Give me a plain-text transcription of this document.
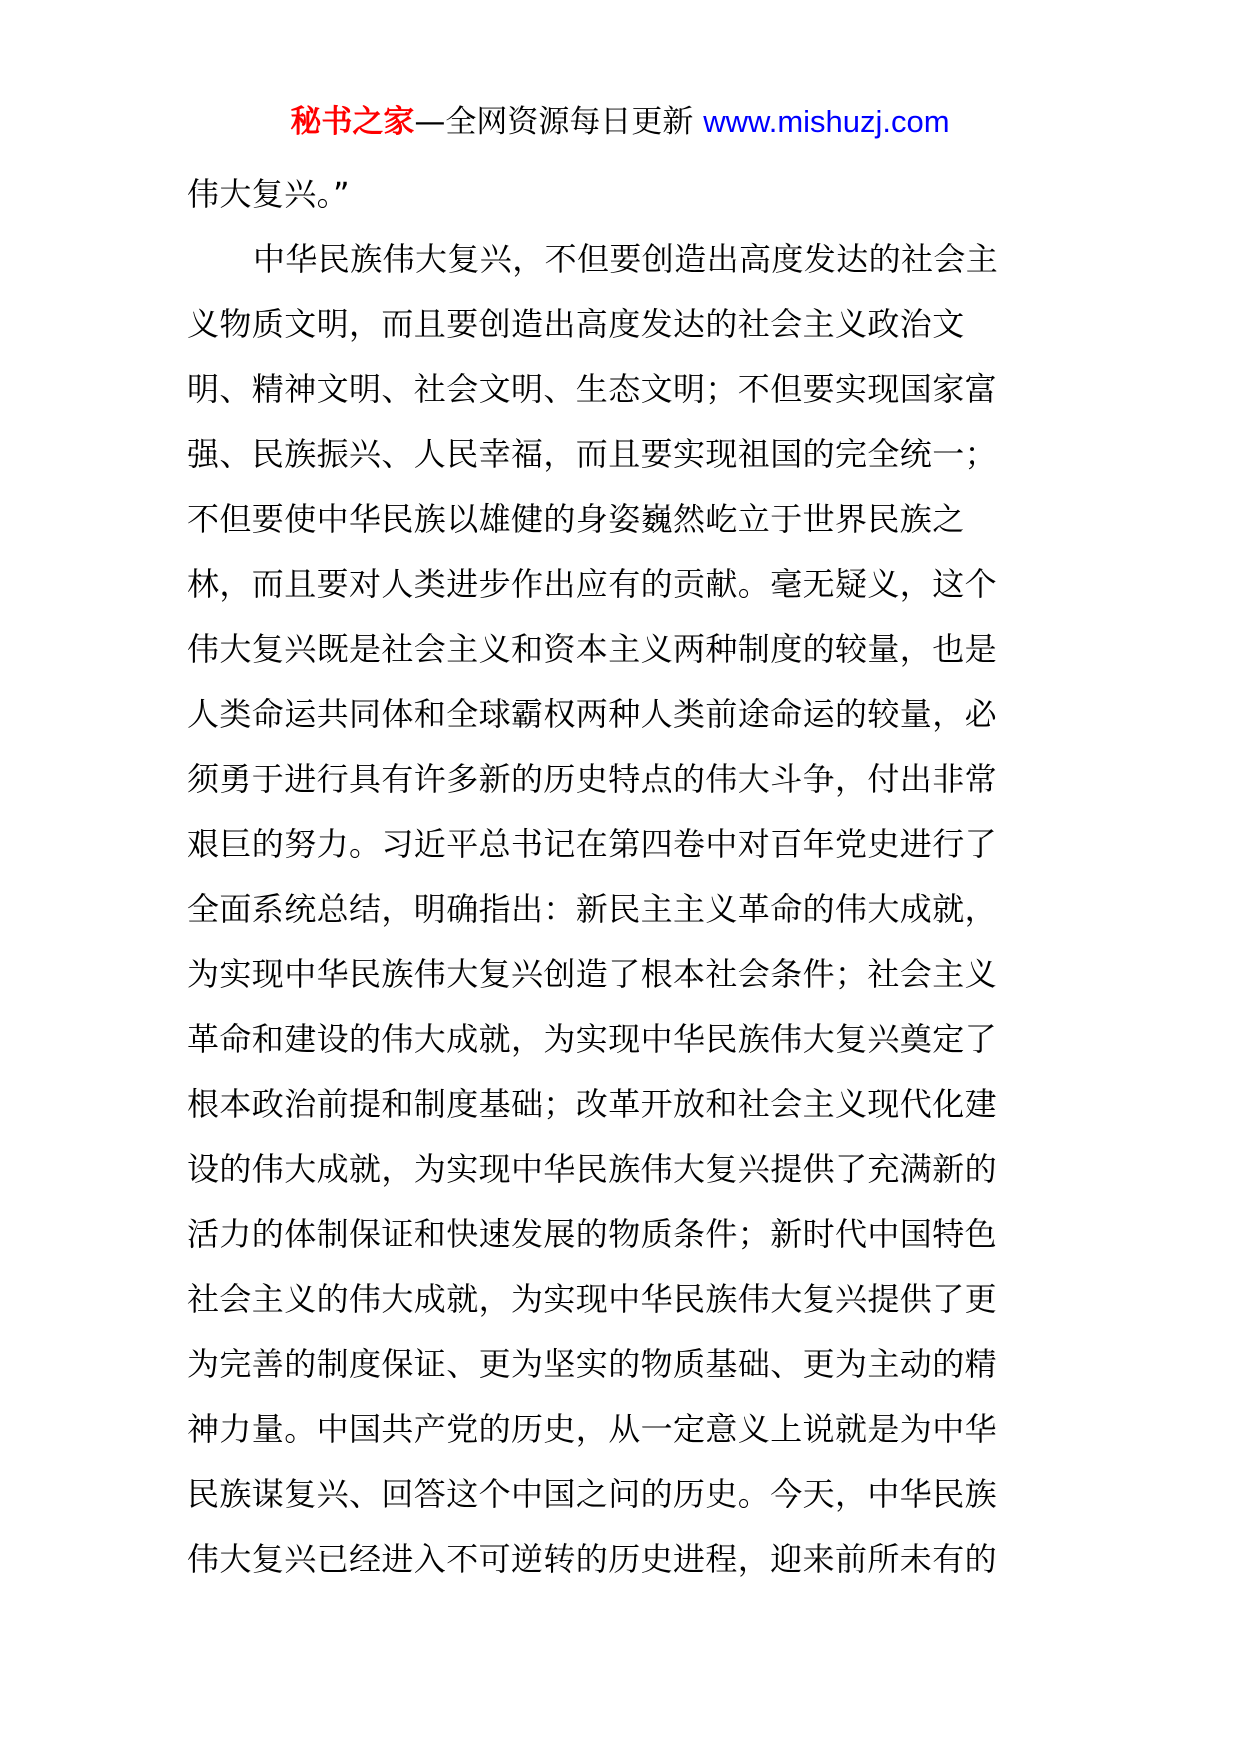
秘书之家—全网资源每日更新 www.mishuzj.com
伟大复兴。”
中华民族伟大复兴，不但要创造出高度发达的社会主
义物质文明，而且要创造出高度发达的社会主义政治文
明、精神文明、社会文明、生态文明；不但要实现国家富
强、民族振兴、人民幸福，而且要实现祖国的完全统一；
不但要使中华民族以雄健的身姿巍然屹立于世界民族之
林，而且要对人类进步作出应有的贡献。毫无疑义，这个
伟大复兴既是社会主义和资本主义两种制度的较量，也是
人类命运共同体和全球霸权两种人类前途命运的较量，必
须勇于进行具有许多新的历史特点的伟大斗争，付出非常
艰巨的努力。习近平总书记在第四卷中对百年党史进行了
全面系统总结，明确指出：新民主主义革命的伟大成就，
为实现中华民族伟大复兴创造了根本社会条件；社会主义
革命和建设的伟大成就，为实现中华民族伟大复兴奠定了
根本政治前提和制度基础；改革开放和社会主义现代化建
设的伟大成就，为实现中华民族伟大复兴提供了充满新的
活力的体制保证和快速发展的物质条件；新时代中国特色
社会主义的伟大成就，为实现中华民族伟大复兴提供了更
为完善的制度保证、更为坚实的物质基础、更为主动的精
神力量。中国共产党的历史，从一定意义上说就是为中华
民族谋复兴、回答这个中国之问的历史。今天，中华民族
伟大复兴已经进入不可逆转的历史进程，迎来前所未有的
